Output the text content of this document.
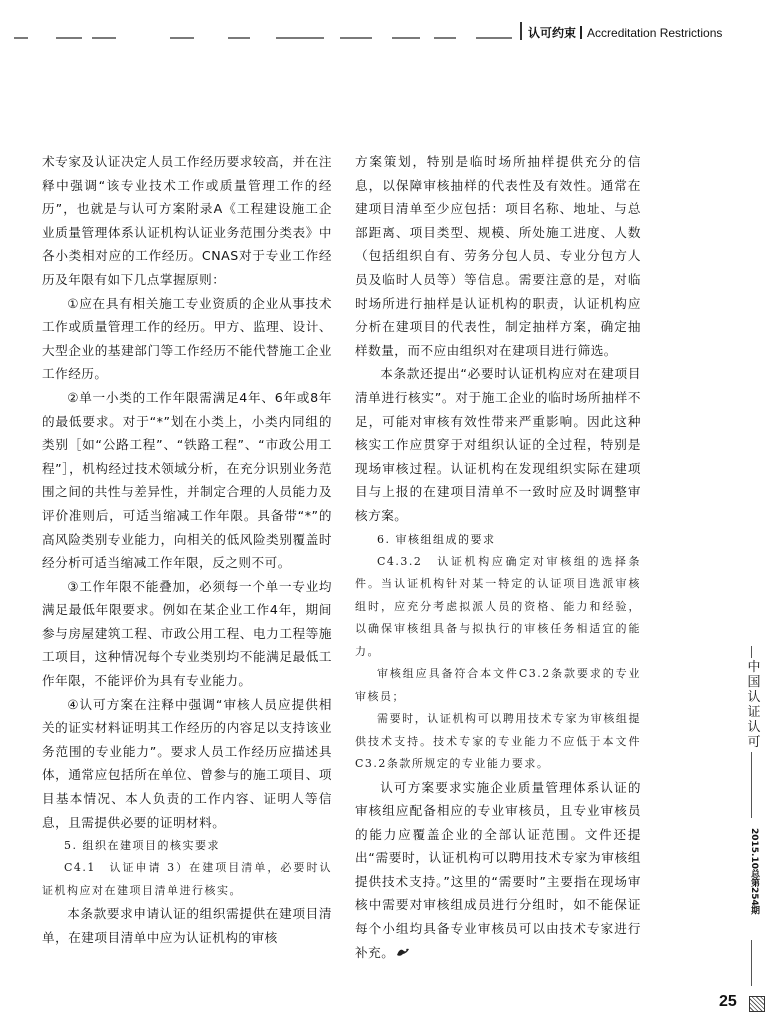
认可约束 Accreditation Restrictions

术专家及认证决定人员工作经历要求较高，并在注释中强调“该专业技术工作或质量管理工作的经历”，也就是与认可方案附录A《工程建设施工企业质量管理体系认证机构认证业务范围分类表》中各小类相对应的工作经历。CNAS对于专业工作经历及年限有如下几点掌握原则：

①应在具有相关施工专业资质的企业从事技术工作或质量管理工作的经历。甲方、监理、设计、大型企业的基建部门等工作经历不能代替施工企业工作经历。

②单一小类的工作年限需满足4年、6年或8年的最低要求。对于“*”划在小类上，小类内同组的类别［如“公路工程”、“铁路工程”、“市政公用工程”］，机构经过技术领域分析，在充分识别业务范围之间的共性与差异性，并制定合理的人员能力及评价准则后，可适当缩减工作年限。具备带“*”的高风险类别专业能力，向相关的低风险类别覆盖时经分析可适当缩减工作年限，反之则不可。

③工作年限不能叠加，必须每一个单一专业均满足最低年限要求。例如在某企业工作4年，期间参与房屋建筑工程、市政公用工程、电力工程等施工项目，这种情况每个专业类别均不能满足最低工作年限，不能评价为具有专业能力。

④认可方案在注释中强调“审核人员应提供相关的证实材料证明其工作经历的内容足以支持该业务范围的专业能力”。要求人员工作经历应描述具体，通常应包括所在单位、曾参与的施工项目、项目基本情况、本人负责的工作内容、证明人等信息，且需提供必要的证明材料。

5. 组织在建项目的核实要求

C4.1　认证申请 3）在建项目清单，必要时认证机构应对在建项目清单进行核实。

本条款要求申请认证的组织需提供在建项目清单，在建项目清单中应为认证机构的审核

方案策划，特别是临时场所抽样提供充分的信息，以保障审核抽样的代表性及有效性。通常在建项目清单至少应包括：项目名称、地址、与总部距离、项目类型、规模、所处施工进度、人数（包括组织自有、劳务分包人员、专业分包方人员及临时人员等）等信息。需要注意的是，对临时场所进行抽样是认证机构的职责，认证机构应分析在建项目的代表性，制定抽样方案，确定抽样数量，而不应由组织对在建项目进行筛选。

本条款还提出“必要时认证机构应对在建项目清单进行核实”。对于施工企业的临时场所抽样不足，可能对审核有效性带来严重影响。因此这种核实工作应贯穿于对组织认证的全过程，特别是现场审核过程。认证机构在发现组织实际在建项目与上报的在建项目清单不一致时应及时调整审核方案。

6. 审核组组成的要求

C4.3.2　认证机构应确定对审核组的选择条件。当认证机构针对某一特定的认证项目选派审核组时，应充分考虑拟派人员的资格、能力和经验，以确保审核组具备与拟执行的审核任务相适宜的能力。

审核组应具备符合本文件C3.2条款要求的专业审核员；

需要时，认证机构可以聘用技术专家为审核组提供技术支持。技术专家的专业能力不应低于本文件C3.2条款所规定的专业能力要求。

认可方案要求实施企业质量管理体系认证的审核组应配备相应的专业审核员，且专业审核员的能力应覆盖企业的全部认证范围。文件还提出“需要时，认证机构可以聘用技术专家为审核组提供技术支持。”这里的“需要时”主要指在现场审核中需要对审核组成员进行分组时，如不能保证每个小组均具备专业审核员可以由技术专家进行补充。

中国认证认可
2015.10总第254期
25
